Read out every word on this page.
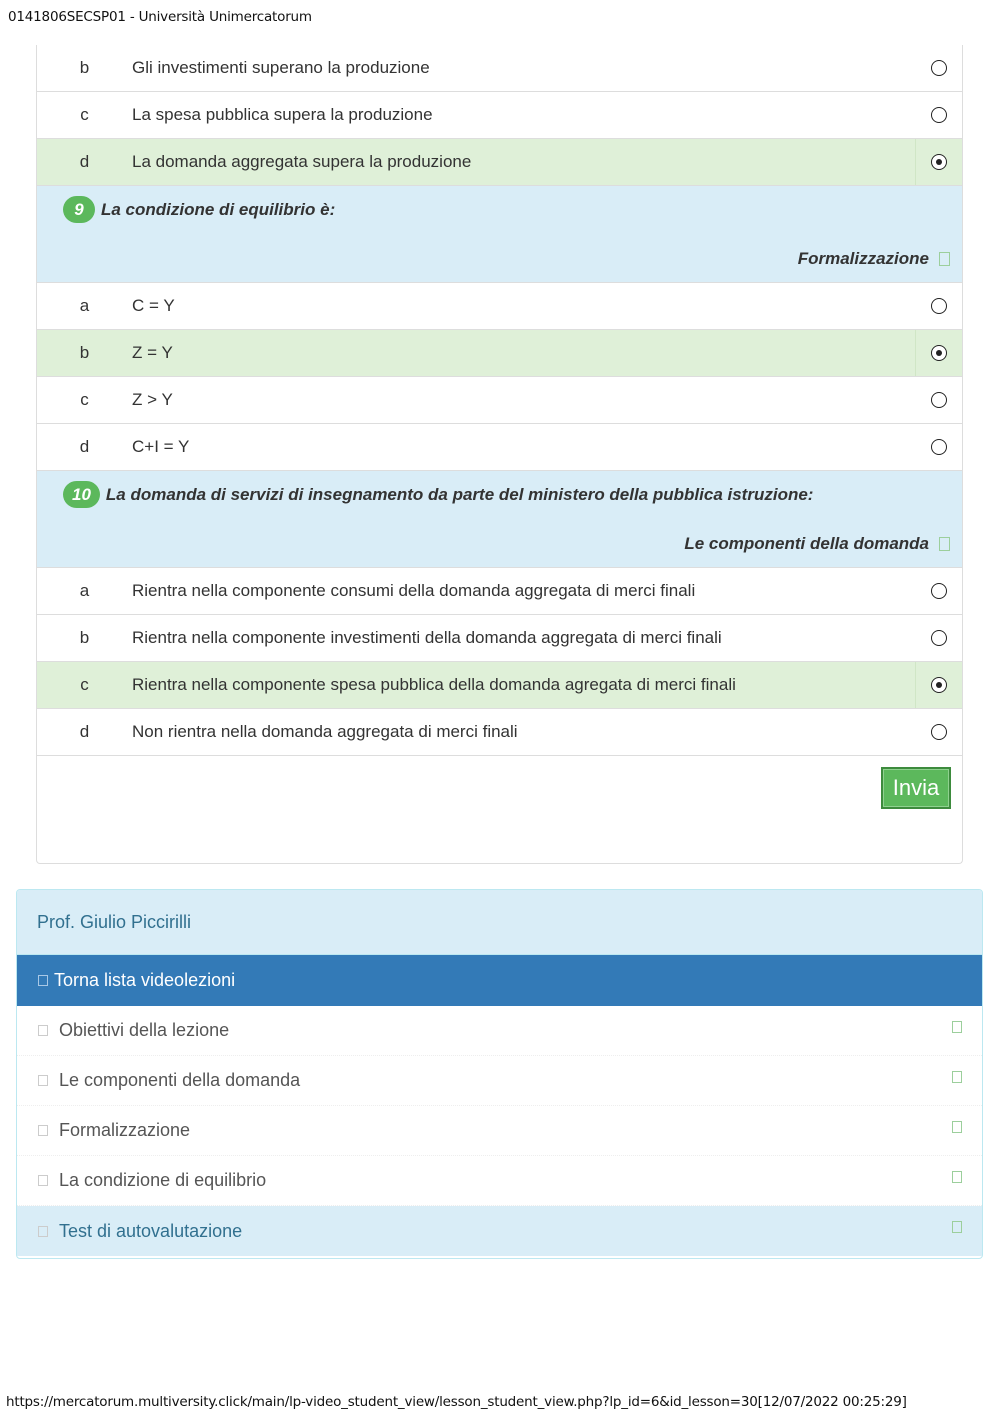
0141806SECSP01 - Università Unimercatorum
b	Gli investimenti superano la produzione
c	La spesa pubblica supera la produzione
d	La domanda aggregata supera la produzione
9	La condizione di equilibrio è:
Formalizzazione
a	C = Y
b	Z = Y
c	Z > Y
d	C+I = Y
10 La domanda di servizi di insegnamento da parte del ministero della pubblica istruzione:
Le componenti della domanda
a	Rientra nella componente consumi della domanda aggregata di merci finali
b	Rientra nella componente investimenti della domanda aggregata di merci finali
c	Rientra nella componente spesa pubblica della domanda agregata di merci finali
d	Non rientra nella domanda aggregata di merci finali
Invia
Prof. Giulio Piccirilli
Torna lista videolezioni
Obiettivi della lezione
Le componenti della domanda
Formalizzazione
La condizione di equilibrio
Test di autovalutazione
https://mercatorum.multiversity.click/main/lp-video_student_view/lesson_student_view.php?lp_id=6&id_lesson=30[12/07/2022 00:25:29]
